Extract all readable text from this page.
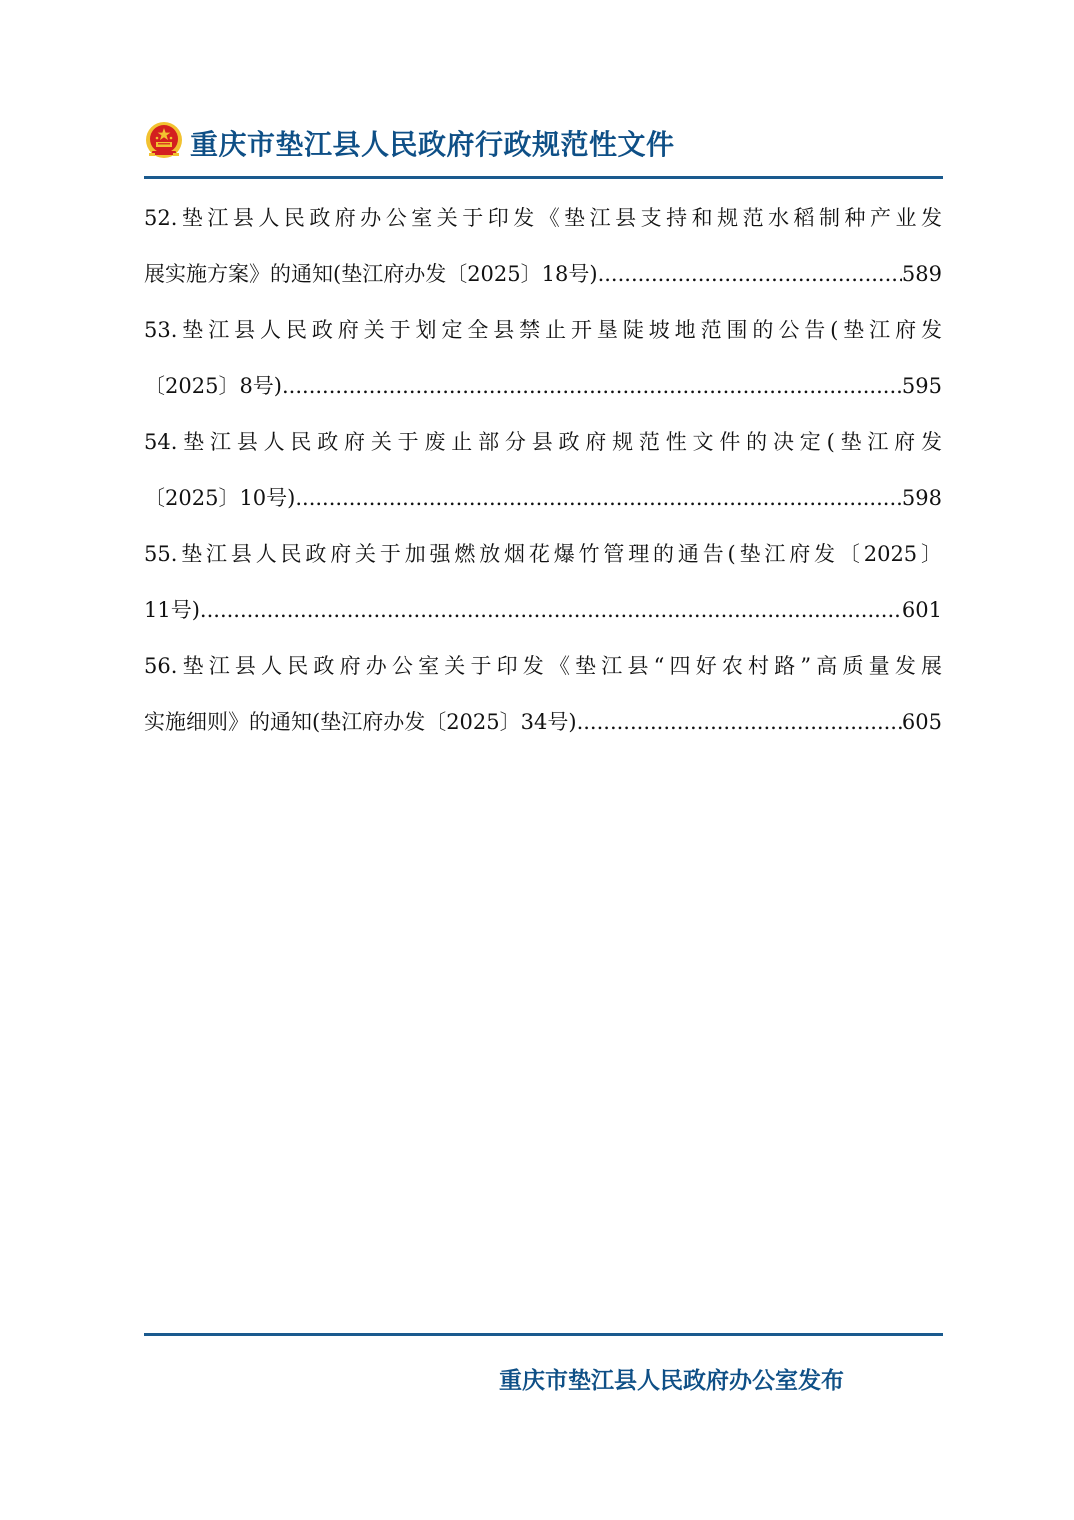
重庆市垫江县人民政府行政规范性文件
52.垫江县人民政府办公室关于印发《垫江县支持和规范水稻制种产业发
展实施方案》的通知(垫江府办发〔2025〕18号) .....	589
53.垫江县人民政府关于划定全县禁止开垦陡坡地范围的公告(垫江府发
〔2025〕8号) .....	595
54.垫江县人民政府关于废止部分县政府规范性文件的决定(垫江府发
〔2025〕10号) .....	598
55.垫江县人民政府关于加强燃放烟花爆竹管理的通告(垫江府发〔2025〕
11号) .....	601
56.垫江县人民政府办公室关于印发《垫江县“四好农村路”高质量发展
实施细则》的通知(垫江府办发〔2025〕34号) .....	605
重庆市垫江县人民政府办公室发布
